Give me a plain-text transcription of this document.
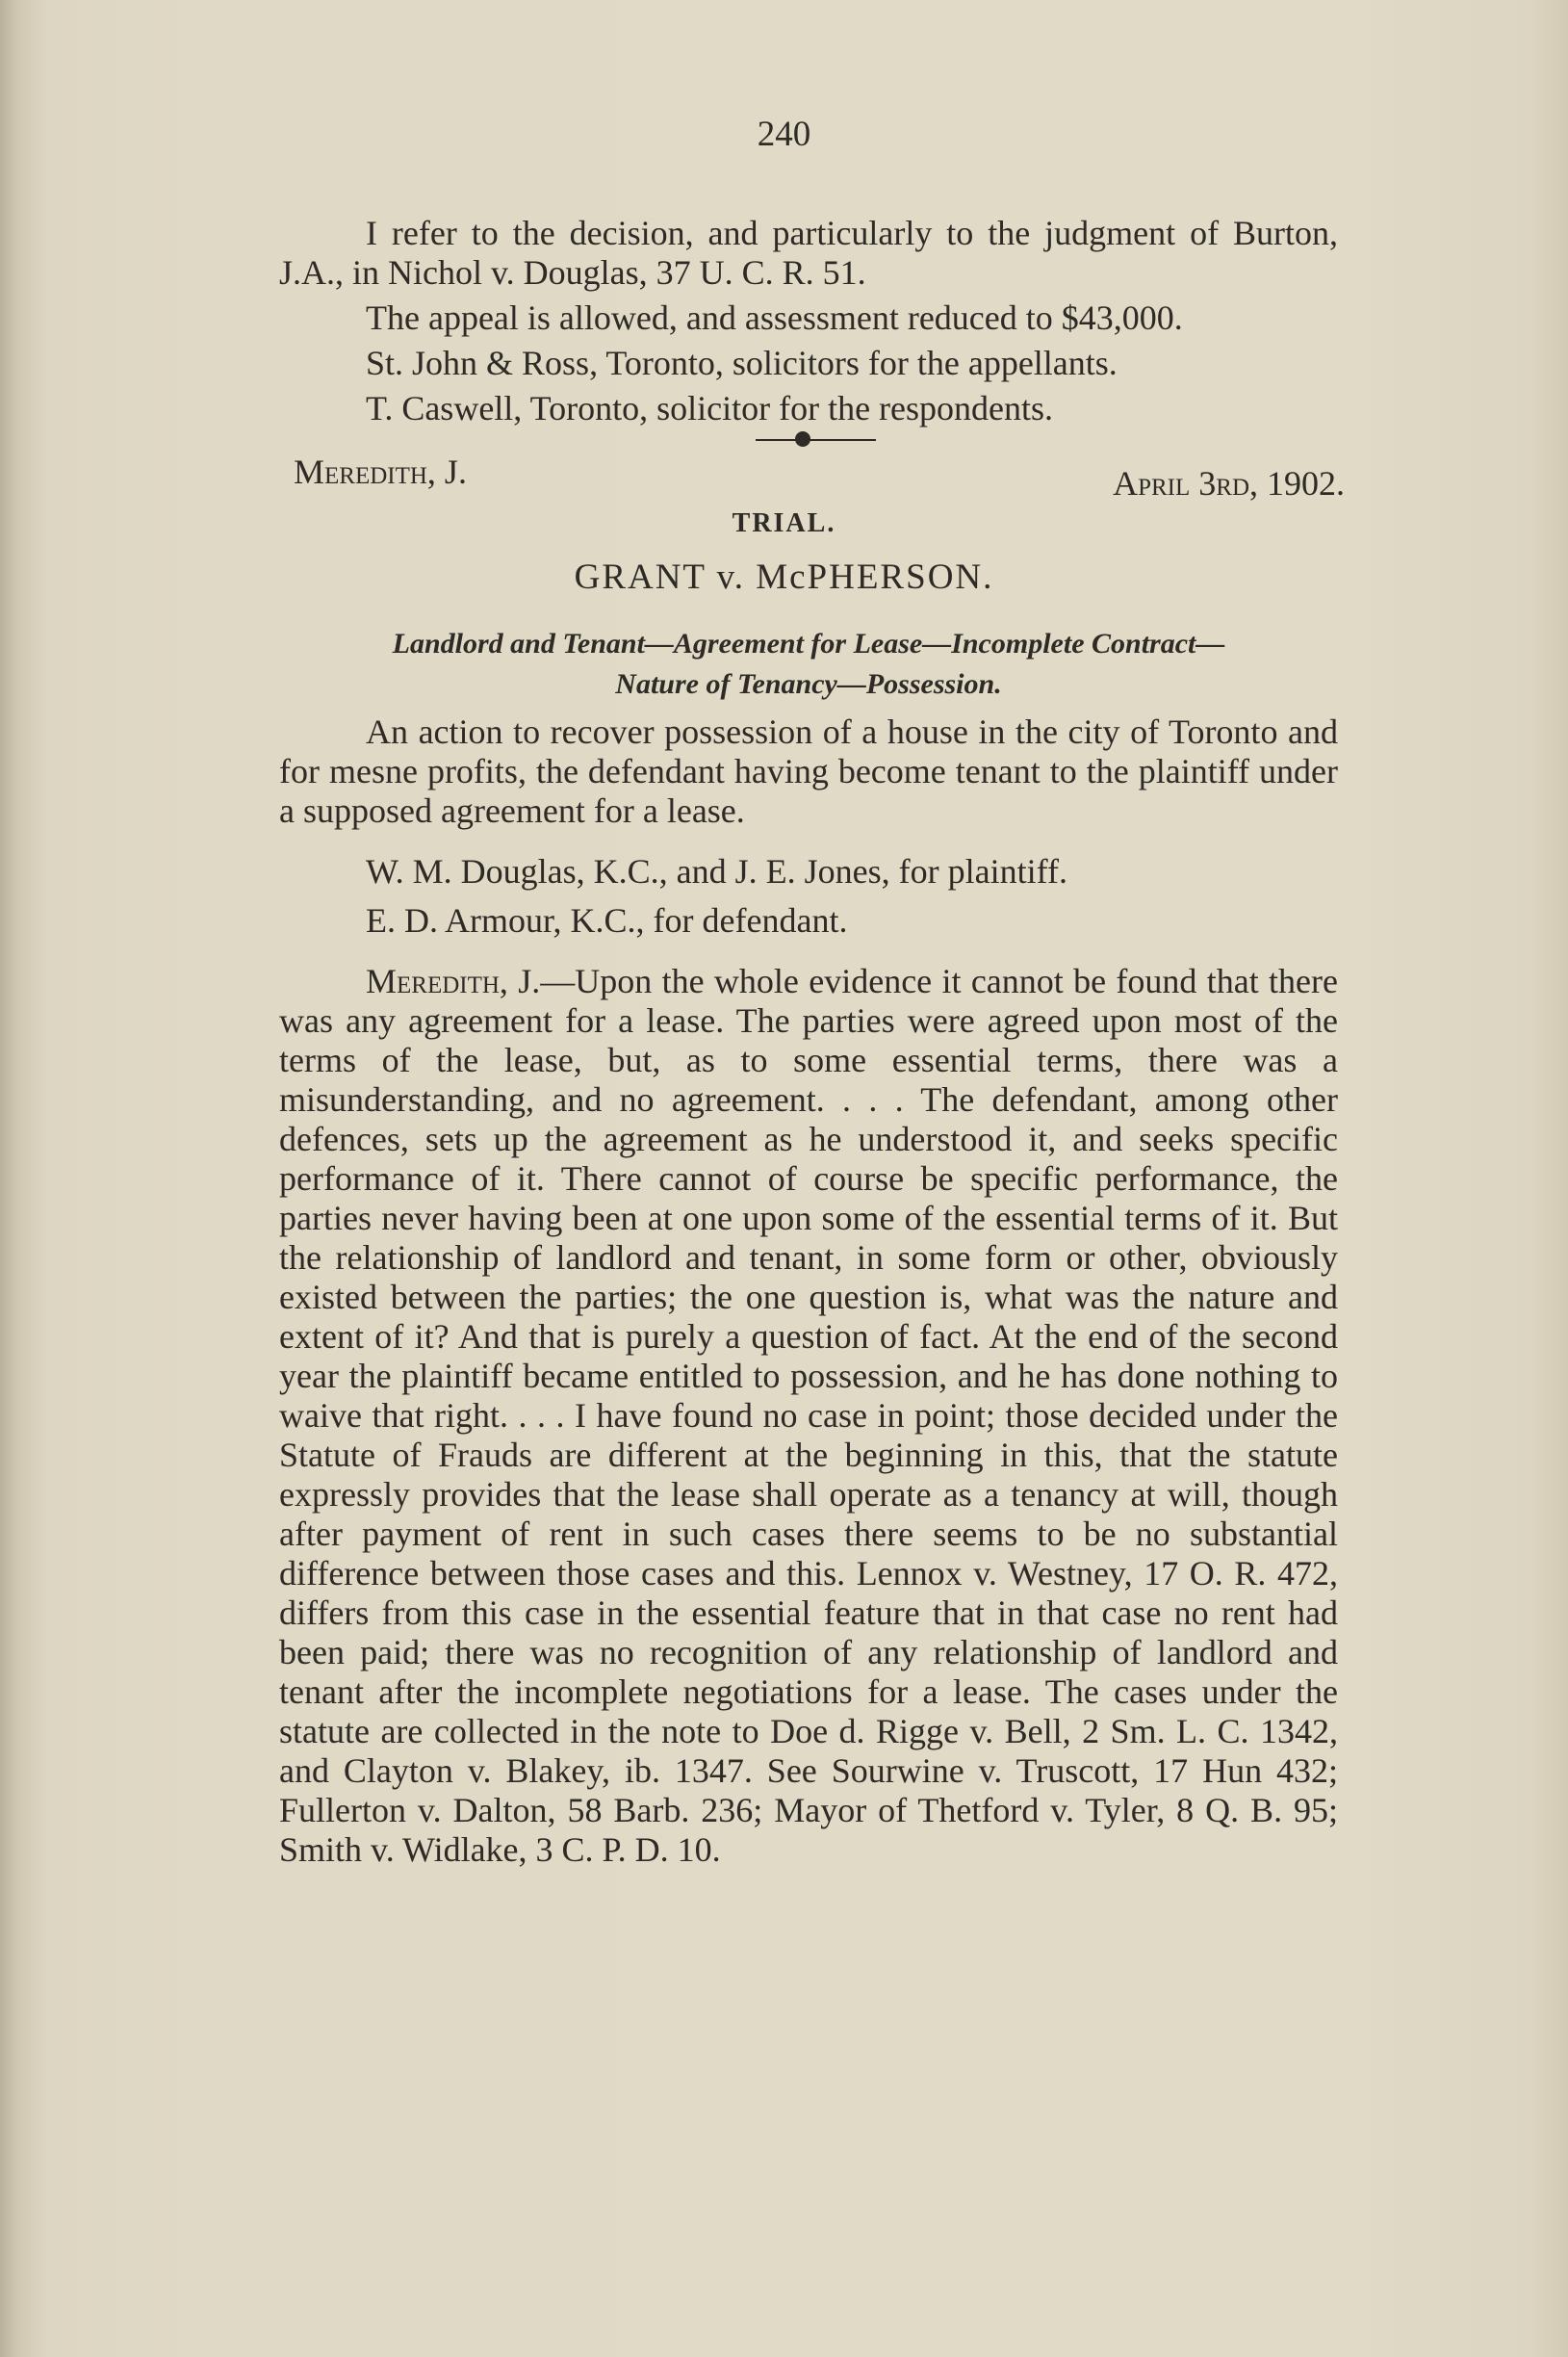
240

I refer to the decision, and particularly to the judgment of Burton, J.A., in Nichol v. Douglas, 37 U. C. R. 51.

The appeal is allowed, and assessment reduced to $43,000.

St. John & Ross, Toronto, solicitors for the appellants.

T. Caswell, Toronto, solicitor for the respondents.

Meredith, J.	April 3rd, 1902.
TRIAL.
GRANT v. McPHERSON.
Landlord and Tenant—Agreement for Lease—Incomplete Contract—
Nature of Tenancy—Possession.

An action to recover possession of a house in the city of Toronto and for mesne profits, the defendant having become tenant to the plaintiff under a supposed agreement for a lease.

W. M. Douglas, K.C., and J. E. Jones, for plaintiff.

E. D. Armour, K.C., for defendant.

Meredith, J.—Upon the whole evidence it cannot be found that there was any agreement for a lease. The parties were agreed upon most of the terms of the lease, but, as to some essential terms, there was a misunderstanding, and no agreement. . . . The defendant, among other defences, sets up the agreement as he understood it, and seeks specific performance of it. There cannot of course be specific performance, the parties never having been at one upon some of the essential terms of it. But the relationship of landlord and tenant, in some form or other, obviously existed between the parties; the one question is, what was the nature and extent of it? And that is purely a question of fact. At the end of the second year the plaintiff became entitled to possession, and he has done nothing to waive that right. . . . I have found no case in point; those decided under the Statute of Frauds are different at the beginning in this, that the statute expressly provides that the lease shall operate as a tenancy at will, though after payment of rent in such cases there seems to be no substantial difference between those cases and this. Lennox v. Westney, 17 O. R. 472, differs from this case in the essential feature that in that case no rent had been paid; there was no recognition of any relationship of landlord and tenant after the incomplete negotiations for a lease. The cases under the statute are collected in the note to Doe d. Rigge v. Bell, 2 Sm. L. C. 1342, and Clayton v. Blakey, ib. 1347. See Sourwine v. Truscott, 17 Hun 432; Fullerton v. Dalton, 58 Barb. 236; Mayor of Thetford v. Tyler, 8 Q. B. 95; Smith v. Widlake, 3 C. P. D. 10.
